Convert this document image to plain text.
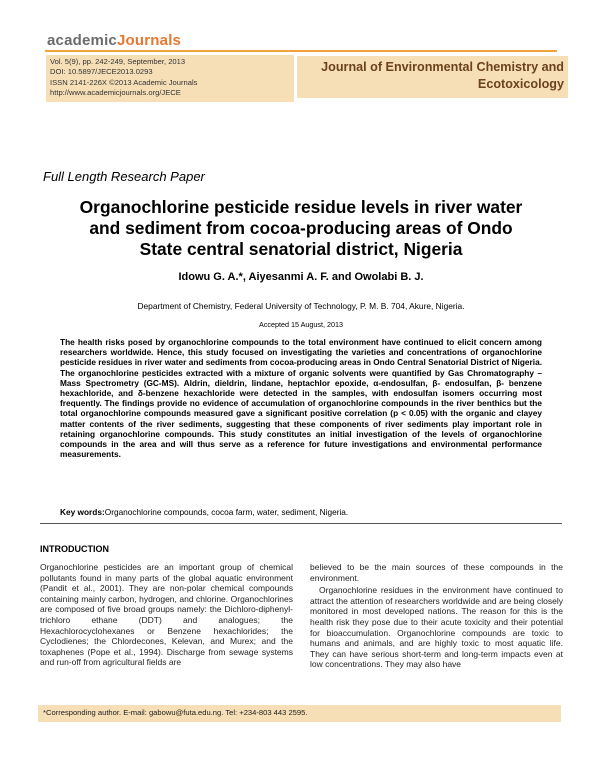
academicJournals
Vol. 5(9), pp. 242-249, September, 2013
DOI: 10.5897/JECE2013.0293
ISSN 2141-226X ©2013 Academic Journals
http://www.academicjournals.org/JECE
Journal of Environmental Chemistry and
Ecotoxicology
Full Length Research Paper
Organochlorine pesticide residue levels in river water
and sediment from cocoa-producing areas of Ondo
State central senatorial district, Nigeria
Idowu G. A.*, Aiyesanmi A. F. and Owolabi B. J.
Department of Chemistry, Federal University of Technology, P. M. B. 704, Akure, Nigeria.
Accepted 15 August, 2013
The health risks posed by organochlorine compounds to the total environment have continued to elicit concern among researchers worldwide. Hence, this study focused on investigating the varieties and concentrations of organochlorine pesticide residues in river water and sediments from cocoa-producing areas in Ondo Central Senatorial District of Nigeria. The organochlorine pesticides extracted with a mixture of organic solvents were quantified by Gas Chromatography – Mass Spectrometry (GC-MS). Aldrin, dieldrin, lindane, heptachlor epoxide, α-endosulfan, β- endosulfan, β- benzene hexachloride, and δ-benzene hexachloride were detected in the samples, with endosulfan isomers occurring most frequently. The findings provide no evidence of accumulation of organochlorine compounds in the river benthics but the total organochlorine compounds measured gave a significant positive correlation (p < 0.05) with the organic and clayey matter contents of the river sediments, suggesting that these components of river sediments play important role in retaining organochlorine compounds. This study constitutes an initial investigation of the levels of organochlorine compounds in the area and will thus serve as a reference for future investigations and environmental performance measurements.
Key words:Organochlorine compounds, cocoa farm, water, sediment, Nigeria.
INTRODUCTION

Organochlorine pesticides are an important group of chemical pollutants found in many parts of the global aquatic environment (Pandit et al., 2001). They are non-polar chemical compounds containing mainly carbon, hydrogen, and chlorine. Organochlorines are composed of five broad groups namely: the Dichloro-diphenyl-trichloro ethane (DDT) and analogues; the Hexachlorocyclohexanes or Benzene hexachlorides; the Cyclodienes; the Chlordecones, Kelevan, and Murex; and the toxaphenes (Pope et al., 1994). Discharge from sewage systems and run-off from agricultural fields are

believed to be the main sources of these compounds in the environment.

Organochlorine residues in the environment have continued to attract the attention of researchers worldwide and are being closely monitored in most developed nations. The reason for this is the health risk they pose due to their acute toxicity and their potential for bioaccumulation. Organochlorine compounds are toxic to humans and animals, and are highly toxic to most aquatic life. They can have serious short-term and long-term impacts even at low concentrations. They may also have

*Corresponding author. E-mail: gabowu@futa.edu.ng. Tel: +234-803 443 2595.
